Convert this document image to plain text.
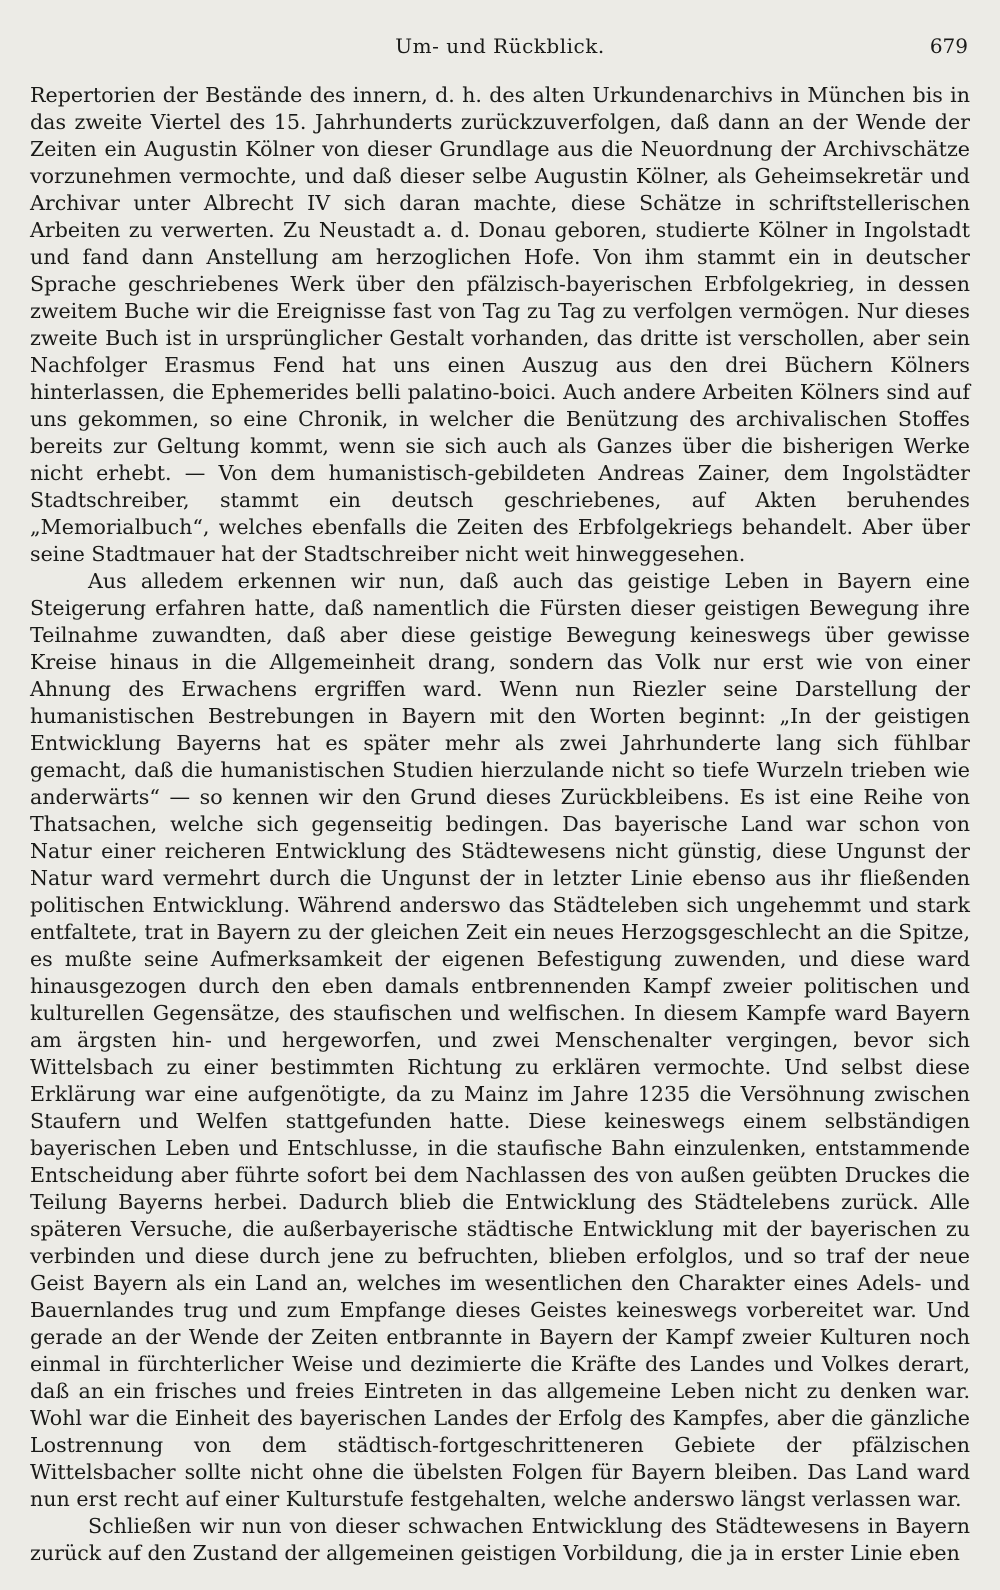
Um- und Rückblick.	679

Repertorien der Bestände des innern, d. h. des alten Urkundenarchivs in München bis in das zweite Viertel des 15. Jahrhunderts zurückzuverfolgen, daß dann an der Wende der Zeiten ein Augustin Kölner von dieser Grundlage aus die Neuordnung der Archivschätze vorzunehmen vermochte, und daß dieser selbe Augustin Kölner, als Geheimsekretär und Archivar unter Albrecht IV sich daran machte, diese Schätze in schriftstellerischen Arbeiten zu verwerten. Zu Neustadt a. d. Donau geboren, studierte Kölner in Ingolstadt und fand dann Anstellung am herzoglichen Hofe. Von ihm stammt ein in deutscher Sprache geschriebenes Werk über den pfälzisch-bayerischen Erbfolgekrieg, in dessen zweitem Buche wir die Ereignisse fast von Tag zu Tag zu verfolgen vermögen. Nur dieses zweite Buch ist in ursprünglicher Gestalt vorhanden, das dritte ist verschollen, aber sein Nachfolger Erasmus Fend hat uns einen Auszug aus den drei Büchern Kölners hinterlassen, die Ephemerides belli palatino-boici. Auch andere Arbeiten Kölners sind auf uns gekommen, so eine Chronik, in welcher die Benützung des archivalischen Stoffes bereits zur Geltung kommt, wenn sie sich auch als Ganzes über die bisherigen Werke nicht erhebt. — Von dem humanistisch-gebildeten Andreas Zainer, dem Ingolstädter Stadtschreiber, stammt ein deutsch geschriebenes, auf Akten beruhendes „Memorialbuch“, welches ebenfalls die Zeiten des Erbfolgekriegs behandelt. Aber über seine Stadtmauer hat der Stadtschreiber nicht weit hinweggesehen.

Aus alledem erkennen wir nun, daß auch das geistige Leben in Bayern eine Steigerung erfahren hatte, daß namentlich die Fürsten dieser geistigen Bewegung ihre Teilnahme zuwandten, daß aber diese geistige Bewegung keineswegs über gewisse Kreise hinaus in die Allgemeinheit drang, sondern das Volk nur erst wie von einer Ahnung des Erwachens ergriffen ward. Wenn nun Riezler seine Darstellung der humanistischen Bestrebungen in Bayern mit den Worten beginnt: „In der geistigen Entwicklung Bayerns hat es später mehr als zwei Jahrhunderte lang sich fühlbar gemacht, daß die humanistischen Studien hierzulande nicht so tiefe Wurzeln trieben wie anderwärts“ — so kennen wir den Grund dieses Zurückbleibens. Es ist eine Reihe von Thatsachen, welche sich gegenseitig bedingen. Das bayerische Land war schon von Natur einer reicheren Entwicklung des Städtewesens nicht günstig, diese Ungunst der Natur ward vermehrt durch die Ungunst der in letzter Linie ebenso aus ihr fließenden politischen Entwicklung. Während anderswo das Städteleben sich ungehemmt und stark entfaltete, trat in Bayern zu der gleichen Zeit ein neues Herzogsgeschlecht an die Spitze, es mußte seine Aufmerksamkeit der eigenen Befestigung zuwenden, und diese ward hinausgezogen durch den eben damals entbrennenden Kampf zweier politischen und kulturellen Gegensätze, des staufischen und welfischen. In diesem Kampfe ward Bayern am ärgsten hin- und hergeworfen, und zwei Menschenalter vergingen, bevor sich Wittelsbach zu einer bestimmten Richtung zu erklären vermochte. Und selbst diese Erklärung war eine aufgenötigte, da zu Mainz im Jahre 1235 die Versöhnung zwischen Staufern und Welfen stattgefunden hatte. Diese keineswegs einem selbständigen bayerischen Leben und Entschlusse, in die staufische Bahn einzulenken, entstammende Entscheidung aber führte sofort bei dem Nachlassen des von außen geübten Druckes die Teilung Bayerns herbei. Dadurch blieb die Entwicklung des Städtelebens zurück. Alle späteren Versuche, die außerbayerische städtische Entwicklung mit der bayerischen zu verbinden und diese durch jene zu befruchten, blieben erfolglos, und so traf der neue Geist Bayern als ein Land an, welches im wesentlichen den Charakter eines Adels- und Bauernlandes trug und zum Empfange dieses Geistes keineswegs vorbereitet war. Und gerade an der Wende der Zeiten entbrannte in Bayern der Kampf zweier Kulturen noch einmal in fürchterlicher Weise und dezimierte die Kräfte des Landes und Volkes derart, daß an ein frisches und freies Eintreten in das allgemeine Leben nicht zu denken war. Wohl war die Einheit des bayerischen Landes der Erfolg des Kampfes, aber die gänzliche Lostrennung von dem städtisch-fortgeschritteneren Gebiete der pfälzischen Wittelsbacher sollte nicht ohne die übelsten Folgen für Bayern bleiben. Das Land ward nun erst recht auf einer Kulturstufe festgehalten, welche anderswo längst verlassen war.

Schließen wir nun von dieser schwachen Entwicklung des Städtewesens in Bayern zurück auf den Zustand der allgemeinen geistigen Vorbildung, die ja in erster Linie eben
